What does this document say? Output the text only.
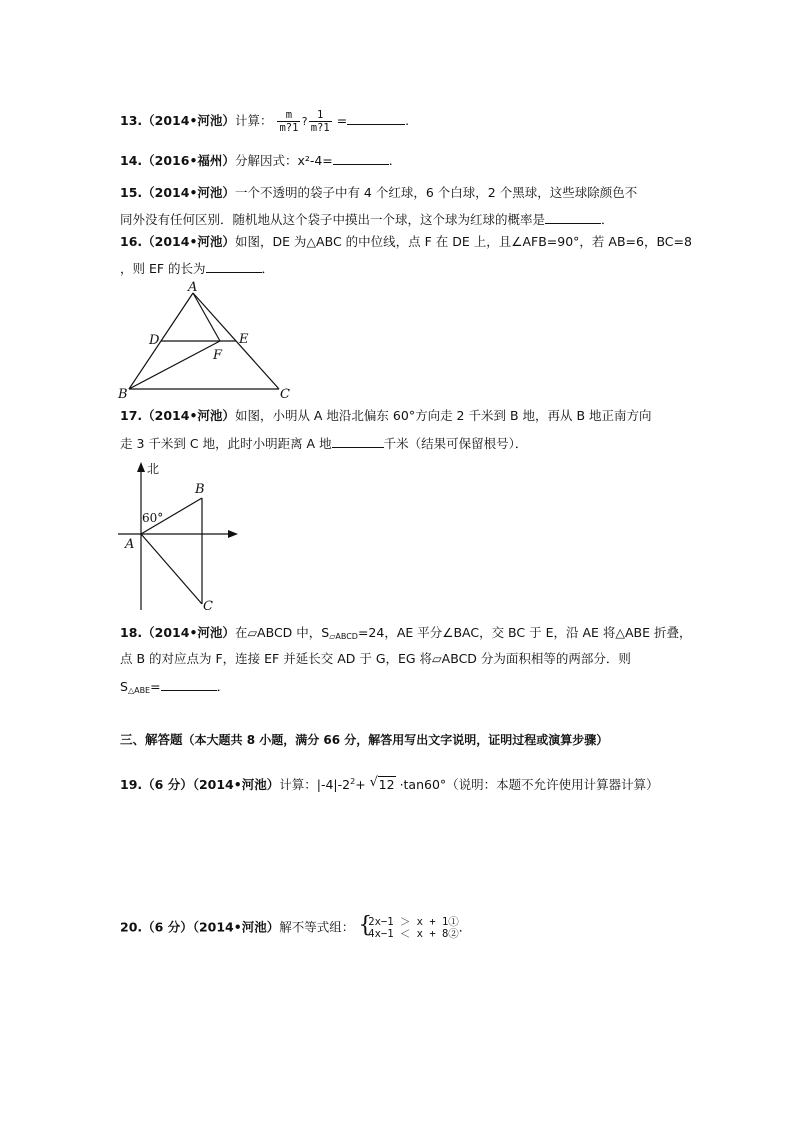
13.（2014•河池）计算： $\frac{m}{m?1}$ ? $\frac{1}{m?1}$ =	.
14.（2016•福州）分解因式：x²-4=	.
15.（2014•河池）一个不透明的袋子中有 4 个红球，6 个白球，2 个黑球，这些球除颜色不
同外没有任何区别．随机地从这个袋子中摸出一个球，这个球为红球的概率是	．
16.（2014•河池）如图，DE 为△ABC 的中位线，点 F 在 DE 上，且∠AFB=90°，若 AB=6，BC=8
，则 EF 的长为	．
A
D	E
F
B	C
17.（2014•河池）如图，小明从 A 地沿北偏东 60°方向走 2 千米到 B 地，再从 B 地正南方向
走 3 千米到 C 地，此时小明距离 A 地	千米（结果可保留根号）．
北
60°
A
B
C
18.（2014•河池）在▱ABCD 中，$S_{▱ABCD}=24$，AE 平分∠BAC，交 BC 于 E，沿 AE 将△ABE 折叠，
点 B 的对应点为 F，连接 EF 并延长交 AD 于 G，EG 将▱ABCD 分为面积相等的两部分．则
$S_{\triangle ABE}=$	．
三、解答题（本大题共 8 小题，满分 66 分，解答用写出文字说明，证明过程或演算步骤）
19.（6 分）（2014•河池）计算：$|-4|-2^2+$ √ 12 ·tan60°（说明：本题不允许使用计算器计算）
20.（6 分）（2014•河池）解不等式组： {
2x−1 ＞ x + 1①
4x−1 ＜ x + 8② ．
